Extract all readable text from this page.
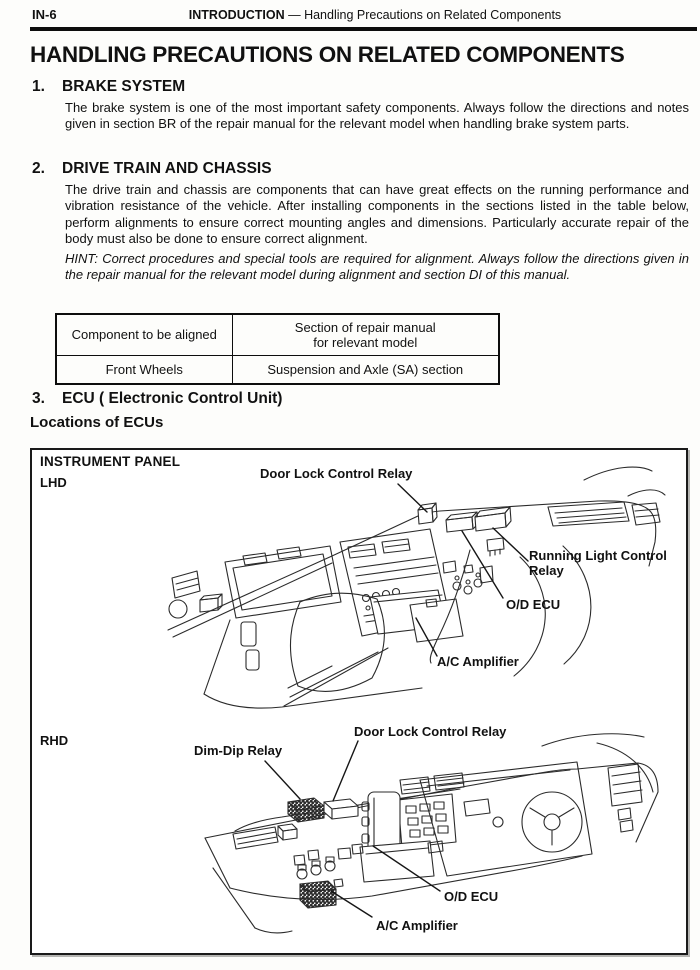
IN-6	INTRODUCTION — Handling Precautions on Related Components
HANDLING PRECAUTIONS ON RELATED COMPONENTS
1. BRAKE SYSTEM
The brake system is one of the most important safety components. Always follow the directions and notes given in section BR of the repair manual for the relevant model when handling brake system parts.
2. DRIVE TRAIN AND CHASSIS
The drive train and chassis are components that can have great effects on the running performance and vibration resistance of the vehicle. After installing components in the sections listed in the table below, perform alignments to ensure correct mounting angles and dimensions. Particularly accurate repair of the body must also be done to ensure correct alignment.
HINT: Correct procedures and special tools are required for alignment. Always follow the directions given in the repair manual for the relevant model during alignment and section DI of this manual.
Component to be aligned	Section of repair manual
for relevant model

Front Wheels	Suspension and Axle (SA) section
3. ECU ( Electronic Control Unit)
Locations of ECUs
INSTRUMENT PANEL
LHD
Door Lock Control Relay
Running Light Control
Relay
O/D ECU
A/C Amplifier
RHD
Dim-Dip Relay
Door Lock Control Relay
O/D ECU
A/C Amplifier
